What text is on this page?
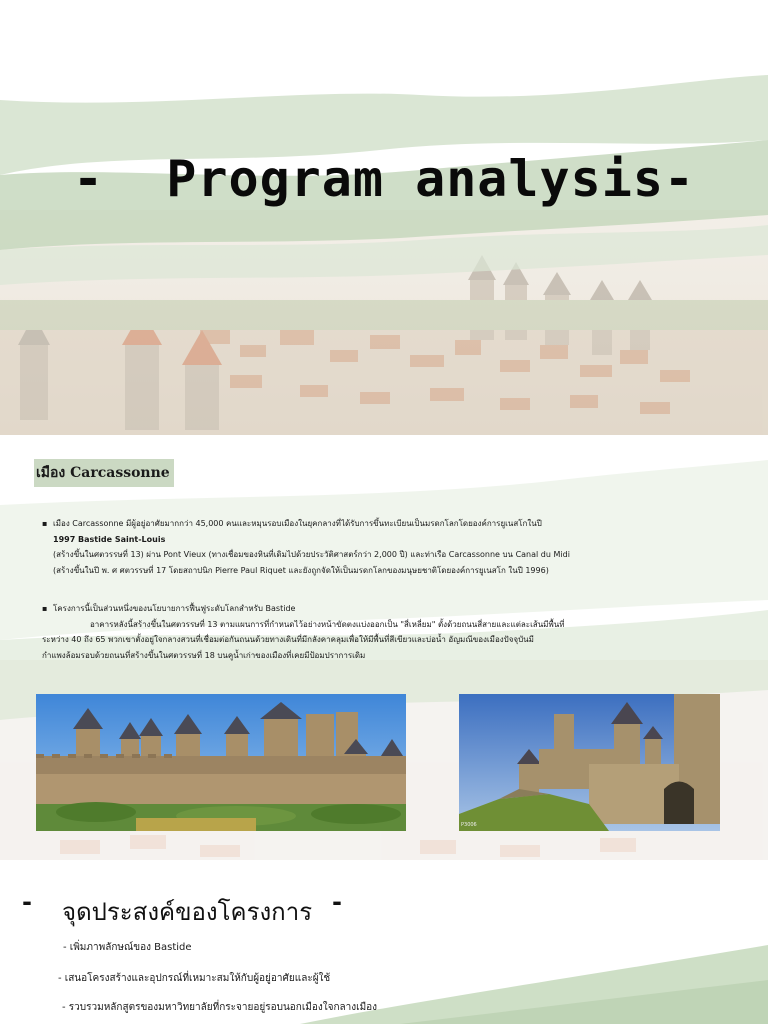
-  Program analysis-
เมือง Carcassonne
▪ เมือง Carcassonne มีผู้อยู่อาศัยมากกว่า 45,000 คนและหมุนรอบเมืองในยุคกลางที่ได้รับการขึ้นทะเบียนเป็นมรดกโลกโดยองค์การยูเนสโกในปี
1997 Bastide Saint-Louis
(สร้างขึ้นในศตวรรษที่ 13) ผ่าน Pont Vieux (ทางเชื่อมของหินที่เดิมไปด้วยประวัติศาสตร์กว่า 2,000 ปี) และท่าเรือ Carcassonne บน Canal du Midi
(สร้างขึ้นในปี พ. ศ ศตวรรษที่ 17 โดยสถาปนิก Pierre Paul Riquet และยังถูกจัดให้เป็นมรดกโลกของมนุษยชาติโดยองค์การยูเนสโก ในปี 1996)
▪ โครงการนี้เป็นส่วนหนึ่งของนโยบายการฟื้นฟูระดับโลกสำหรับ Bastide
อาคารหลังนี้สร้างขึ้นในศตวรรษที่ 13 ตามแผนการที่กำหนดไว้อย่างหน้าขัดตงแบ่งออกเป็น "สี่เหลี่ยม" ตั้งด้วยถนนสี่สายและแต่ละเส้นมีพื้นที่
ระหว่าง 40 ถึง 65 พวกเขาตั้งอยู่ใจกลางสวนที่เชื่อมต่อกันถนนด้วยทางเดินที่มีกลังคาคลุมเพื่อให้มีพื้นที่สีเขียวและบ่อน้ำ อัญมณีของเมืองปัจจุบันมี
กำแพงล้อมรอบด้วยถนนที่สร้างขึ้นในศตวรรษที่ 18 บนคูน้ำเก่าของเมืองที่เคยมีป้อมปราการเดิม
P3006
- จุดประสงค์ของโครงการ -
- เพิ่มภาพลักษณ์ของ Bastide
- เสนอโครงสร้างและอุปกรณ์ที่เหมาะสมให้กับผู้อยู่อาศัยและผู้ใช้
- รวบรวมหลักสูตรของมหาวิทยาลัยที่กระจายอยู่รอบนอกเมืองใจกลางเมือง
